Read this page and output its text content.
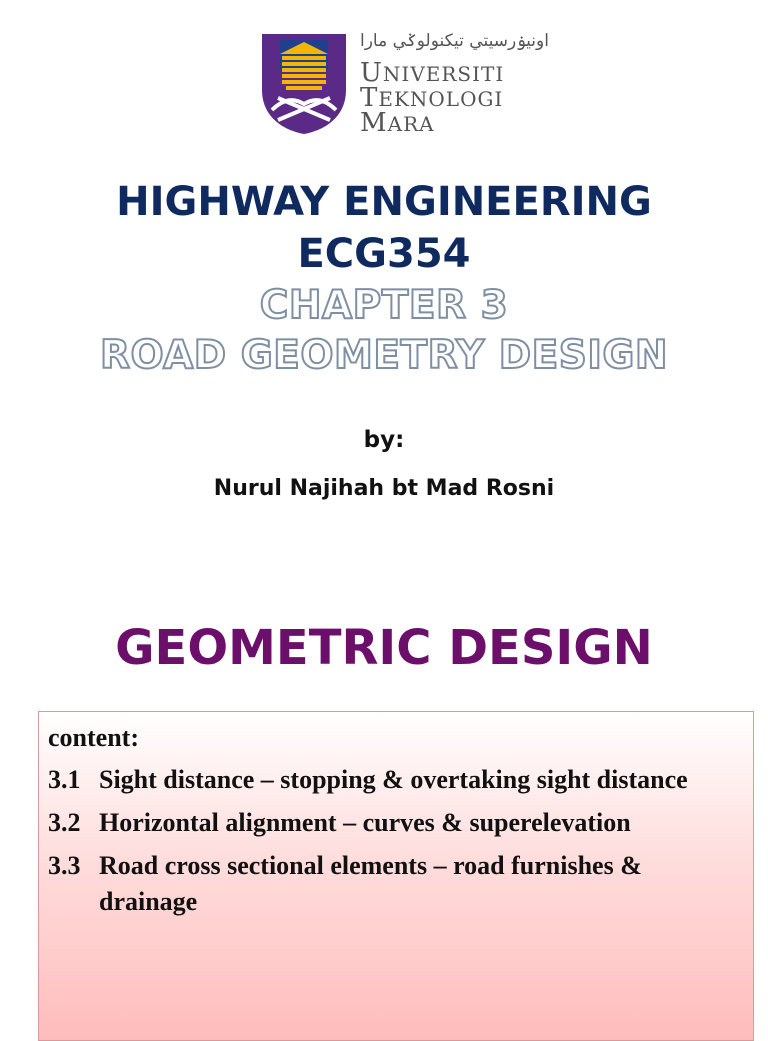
اونيۏرسيتي تيكنولوݢي مارا
UNIVERSITI
TEKNOLOGI
MARA
HIGHWAY ENGINEERING
ECG354
CHAPTER 3
ROAD GEOMETRY DESIGN
by:
Nurul Najihah bt Mad Rosni
GEOMETRIC DESIGN
content:
3.1 Sight distance – stopping & overtaking sight distance
3.2 Horizontal alignment – curves & superelevation
3.3 Road cross sectional elements – road furnishes & drainage
